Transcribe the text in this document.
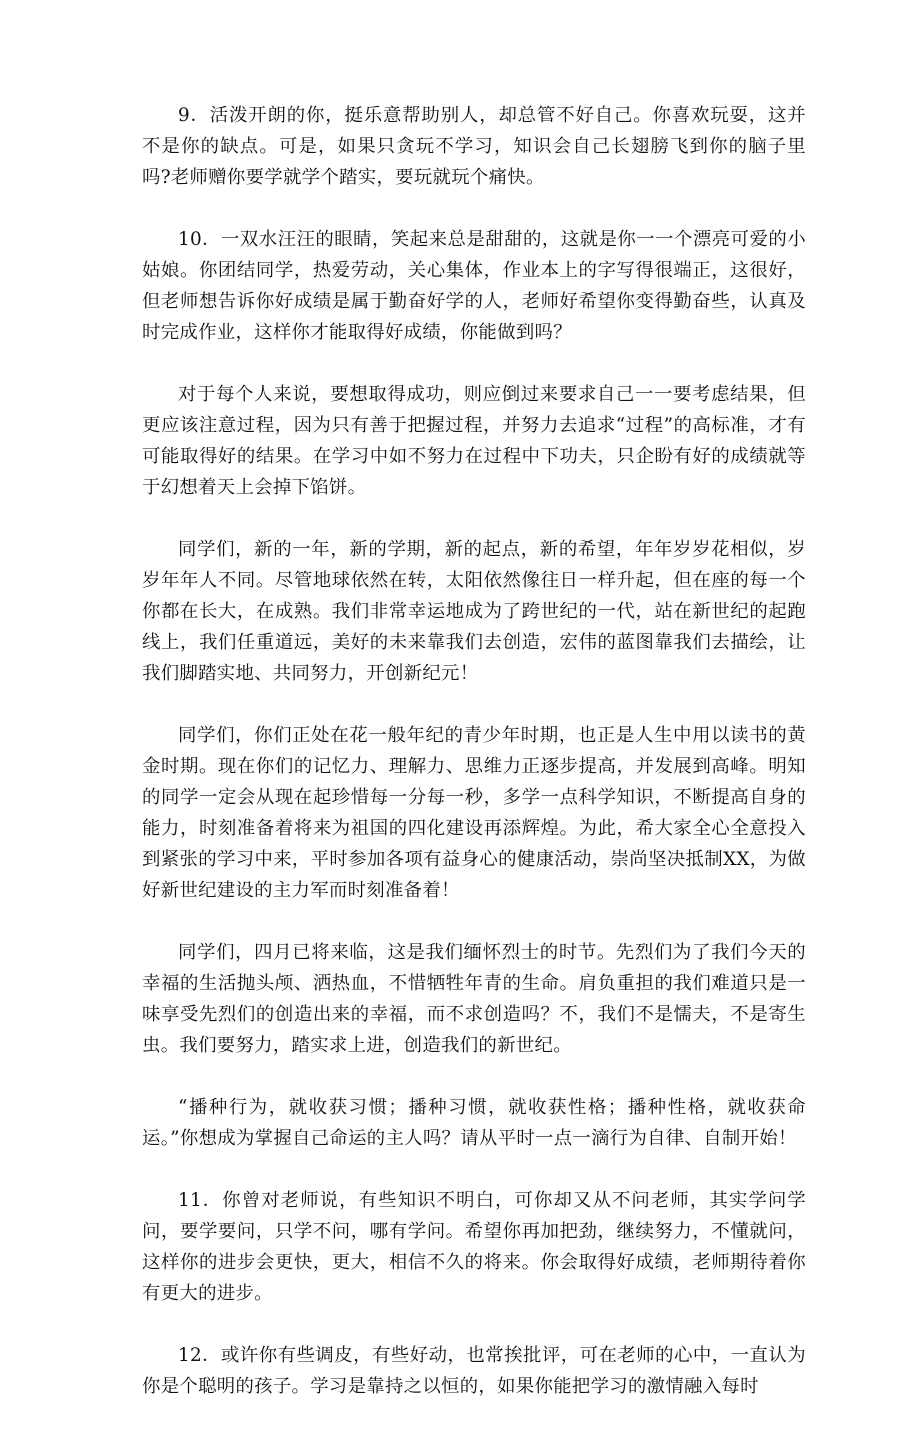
9．活泼开朗的你，挺乐意帮助别人，却总管不好自己。你喜欢玩耍，这并不是你的缺点。可是，如果只贪玩不学习，知识会自己长翅膀飞到你的脑子里吗?老师赠你要学就学个踏实，要玩就玩个痛快。

10．一双水汪汪的眼睛，笑起来总是甜甜的，这就是你一一个漂亮可爱的小姑娘。你团结同学，热爱劳动，关心集体，作业本上的字写得很端正，这很好，但老师想告诉你好成绩是属于勤奋好学的人，老师好希望你变得勤奋些，认真及时完成作业，这样你才能取得好成绩，你能做到吗？

对于每个人来说，要想取得成功，则应倒过来要求自己一一要考虑结果，但更应该注意过程，因为只有善于把握过程，并努力去追求“过程”的高标准，才有可能取得好的结果。在学习中如不努力在过程中下功夫，只企盼有好的成绩就等于幻想着天上会掉下馅饼。

同学们，新的一年，新的学期，新的起点，新的希望，年年岁岁花相似，岁岁年年人不同。尽管地球依然在转，太阳依然像往日一样升起，但在座的每一个你都在长大，在成熟。我们非常幸运地成为了跨世纪的一代，站在新世纪的起跑线上，我们任重道远，美好的未来靠我们去创造，宏伟的蓝图靠我们去描绘，让我们脚踏实地、共同努力，开创新纪元！

同学们，你们正处在花一般年纪的青少年时期，也正是人生中用以读书的黄金时期。现在你们的记忆力、理解力、思维力正逐步提高，并发展到高峰。明知的同学一定会从现在起珍惜每一分每一秒，多学一点科学知识，不断提高自身的能力，时刻准备着将来为祖国的四化建设再添辉煌。为此，希大家全心全意投入到紧张的学习中来，平时参加各项有益身心的健康活动，崇尚坚决抵制XX，为做好新世纪建设的主力军而时刻准备着！

同学们，四月已将来临，这是我们缅怀烈士的时节。先烈们为了我们今天的幸福的生活抛头颅、洒热血，不惜牺牲年青的生命。肩负重担的我们难道只是一味享受先烈们的创造出来的幸福，而不求创造吗？不，我们不是懦夫，不是寄生虫。我们要努力，踏实求上进，创造我们的新世纪。

“播种行为，就收获习惯；播种习惯，就收获性格；播种性格，就收获命运。”你想成为掌握自己命运的主人吗？请从平时一点一滴行为自律、自制开始！

11．你曾对老师说，有些知识不明白，可你却又从不问老师，其实学问学问，要学要问，只学不问，哪有学问。希望你再加把劲，继续努力，不懂就问，这样你的进步会更快，更大，相信不久的将来。你会取得好成绩，老师期待着你有更大的进步。

12．或许你有些调皮，有些好动，也常挨批评，可在老师的心中，一直认为你是个聪明的孩子。学习是靠持之以恒的，如果你能把学习的激情融入每时
